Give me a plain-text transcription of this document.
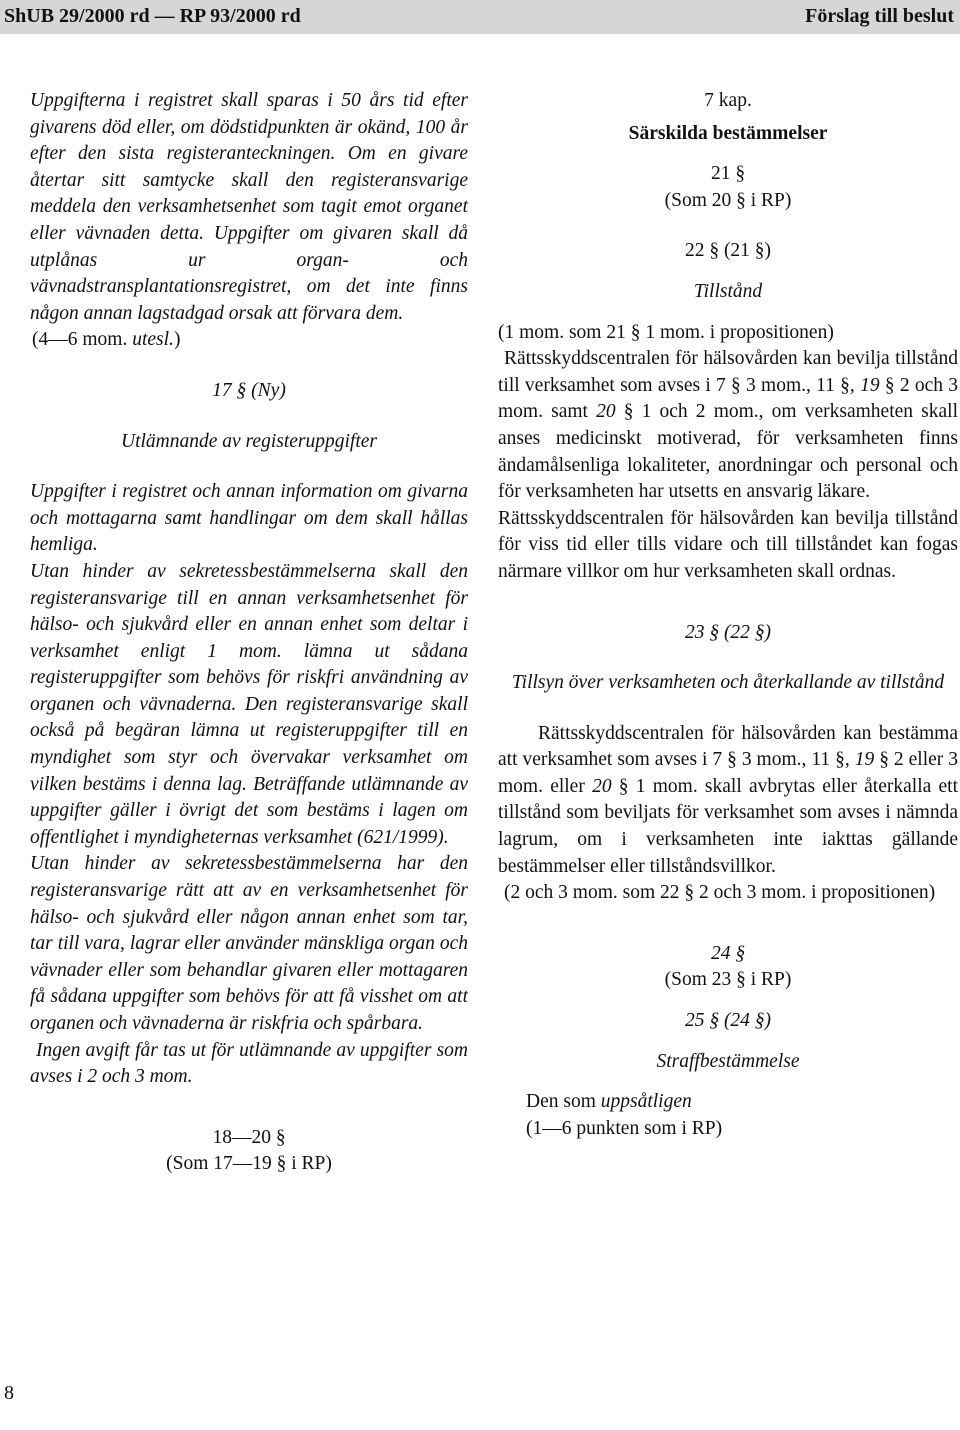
ShUB 29/2000 rd — RP 93/2000 rd	Förslag till beslut

Uppgifterna i registret skall sparas i 50 års tid efter givarens död eller, om dödstidpunkten är okänd, 100 år efter den sista registeranteckningen. Om en givare återtar sitt samtycke skall den registeransvarige meddela den verksamhetsenhet som tagit emot organet eller vävnaden detta. Uppgifter om givaren skall då utplånas ur organ- och vävnadstransplantationsregistret, om det inte finns någon annan lagstadgad orsak att förvara dem.

(4—6 mom. utesl.)

17 § (Ny)

Utlämnande av registeruppgifter

Uppgifter i registret och annan information om givarna och mottagarna samt handlingar om dem skall hållas hemliga.

Utan hinder av sekretessbestämmelserna skall den registeransvarige till en annan verksamhetsenhet för hälso- och sjukvård eller en annan enhet som deltar i verksamhet enligt 1 mom. lämna ut sådana registeruppgifter som behövs för riskfri användning av organen och vävnaderna. Den registeransvarige skall också på begäran lämna ut registeruppgifter till en myndighet som styr och övervakar verksamhet om vilken bestäms i denna lag. Beträffande utlämnande av uppgifter gäller i övrigt det som bestäms i lagen om offentlighet i myndigheternas verksamhet (621/1999).

Utan hinder av sekretessbestämmelserna har den registeransvarige rätt att av en verksamhetsenhet för hälso- och sjukvård eller någon annan enhet som tar, tar till vara, lagrar eller använder mänskliga organ och vävnader eller som behandlar givaren eller mottagaren få sådana uppgifter som behövs för att få visshet om att organen och vävnaderna är riskfria och spårbara.

Ingen avgift får tas ut för utlämnande av uppgifter som avses i 2 och 3 mom.

18—20 §

(Som 17—19 § i RP)

7 kap.

Särskilda bestämmelser

21 §

(Som 20 § i RP)

22 § (21 §)

Tillstånd

(1 mom. som 21 § 1 mom. i propositionen)

Rättsskyddscentralen för hälsovården kan bevilja tillstånd till verksamhet som avses i 7 § 3 mom., 11 §, 19 § 2 och 3 mom. samt 20 § 1 och 2 mom., om verksamheten skall anses medicinskt motiverad, för verksamheten finns ändamålsenliga lokaliteter, anordningar och personal och för verksamheten har utsetts en ansvarig läkare.

Rättsskyddscentralen för hälsovården kan bevilja tillstånd för viss tid eller tills vidare och till tillståndet kan fogas närmare villkor om hur verksamheten skall ordnas.

23 § (22 §)

Tillsyn över verksamheten och återkallande av tillstånd

Rättsskyddscentralen för hälsovården kan bestämma att verksamhet som avses i 7 § 3 mom., 11 §, 19 § 2 eller 3 mom. eller 20 § 1 mom. skall avbrytas eller återkalla ett tillstånd som beviljats för verksamhet som avses i nämnda lagrum, om i verksamheten inte iakttas gällande bestämmelser eller tillståndsvillkor.

(2 och 3 mom. som 22 § 2 och 3 mom. i propositionen)

24 §

(Som 23 § i RP)

25 § (24 §)

Straffbestämmelse

Den som uppsåtligen

(1—6 punkten som i RP)

8
